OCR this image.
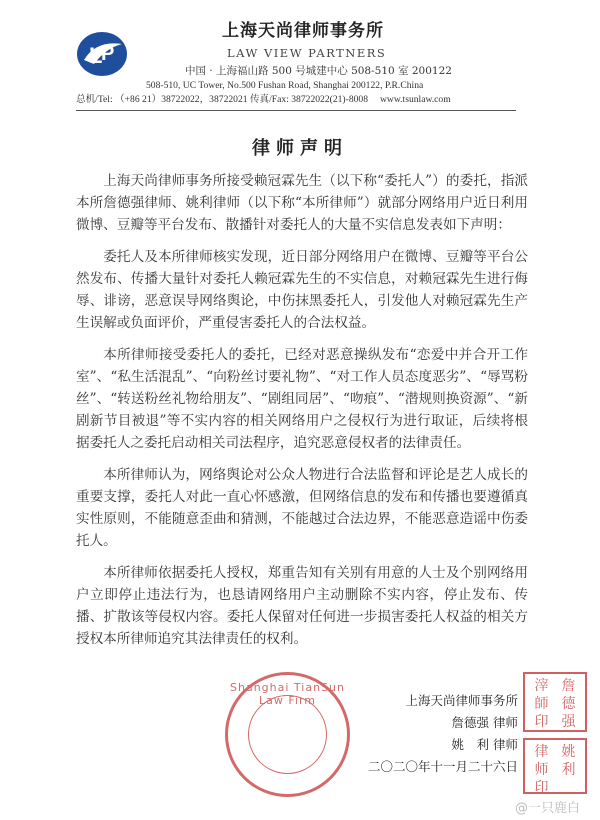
L
P
上海天尚律师事务所
LAW VIEW PARTNERS
中国 · 上海福山路 500 号城建中心 508-510 室 200122
508-510, UC Tower, No.500 Fushan Road, Shanghai 200122, P.R.China
总机/Tel: （+86 21）38722022，38722021 传真/Fax: 38722022(21)-8008　 www.tsunlaw.com
律师声明

上海天尚律师事务所接受赖冠霖先生（以下称“委托人”）的委托，指派本所詹德强律师、姚利律师（以下称“本所律师”）就部分网络用户近日利用微博、豆瓣等平台发布、散播针对委托人的大量不实信息发表如下声明：

委托人及本所律师核实发现，近日部分网络用户在微博、豆瓣等平台公然发布、传播大量针对委托人赖冠霖先生的不实信息，对赖冠霖先生进行侮辱、诽谤，恶意误导网络舆论，中伤抹黑委托人，引发他人对赖冠霖先生产生误解或负面评价，严重侵害委托人的合法权益。

本所律师接受委托人的委托，已经对恶意操纵发布“恋爱中并合开工作室”、“私生活混乱”、“向粉丝讨要礼物”、“对工作人员态度恶劣”、“辱骂粉丝”、“转送粉丝礼物给朋友”、“剧组同居”、“吻痕”、“潜规则换资源”、“新剧新节目被退”等不实内容的相关网络用户之侵权行为进行取证，后续将根据委托人之委托启动相关司法程序，追究恶意侵权者的法律责任。

本所律师认为，网络舆论对公众人物进行合法监督和评论是艺人成长的重要支撑，委托人对此一直心怀感激，但网络信息的发布和传播也要遵循真实性原则，不能随意歪曲和猜测，不能越过合法边界，不能恶意造谣中伤委托人。

本所律师依据委托人授权，郑重告知有关别有用意的人士及个别网络用户立即停止违法行为，也恳请网络用户主动删除不实内容，停止发布、传播、扩散该等侵权内容。委托人保留对任何进一步损害委托人权益的相关方授权本所律师追究其法律责任的权利。

Shanghai TianSun Law Firm
滓 詹
師 德
印 强
律 姚
师 利
印
上海天尚律师事务所
詹德强 律师
姚　利 律师
二〇二〇年十一月二十六日
@一只鹿白
